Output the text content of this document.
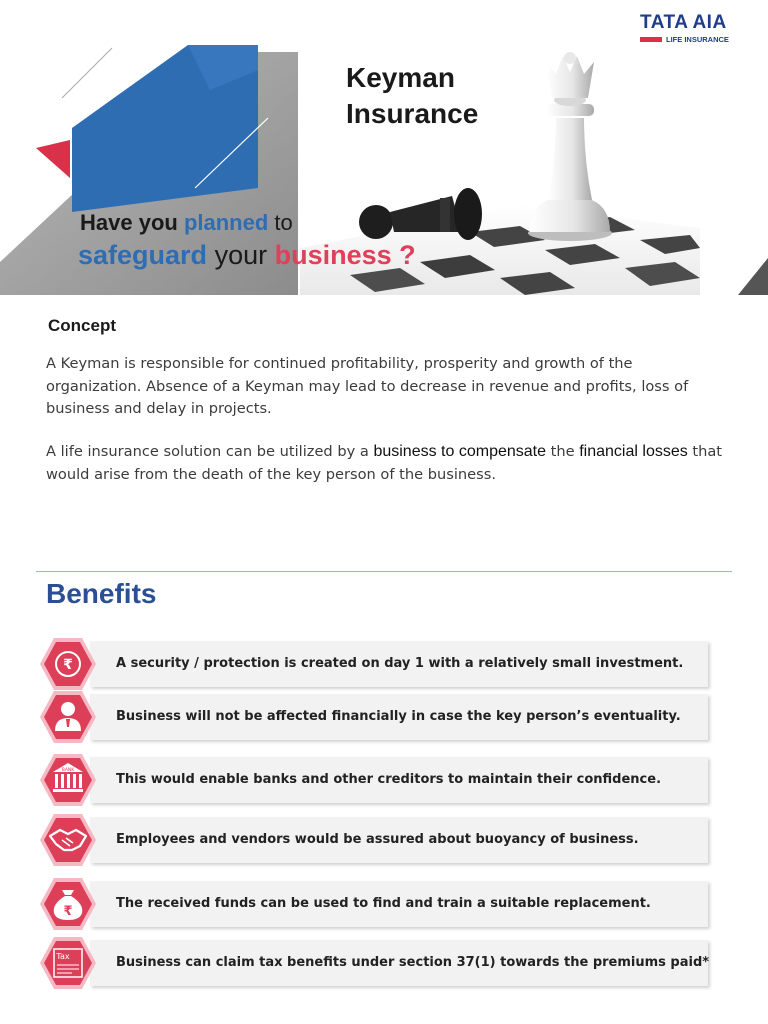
TATA AIA
LIFE INSURANCE
Keyman
Insurance
Have you planned to
safeguard your business ?
Concept

A Keyman is responsible for continued profitability, prosperity and growth of the organization. Absence of a Keyman may lead to decrease in revenue and profits, loss of business and delay in projects.

A life insurance solution can be utilized by a business to compensate the financial losses that would arise from the death of the key person of the business.

Benefits
₹	A security / protection is created on day 1 with a relatively small investment.
Business will not be affected financially in case the key person’s eventuality.
BANK
This would enable banks and other creditors to maintain their confidence.
Employees and vendors would be assured about buoyancy of business.
₹
The received funds can be used to find and train a suitable replacement.
Tax	Business can claim tax benefits under section 37(1) towards the premiums paid*
